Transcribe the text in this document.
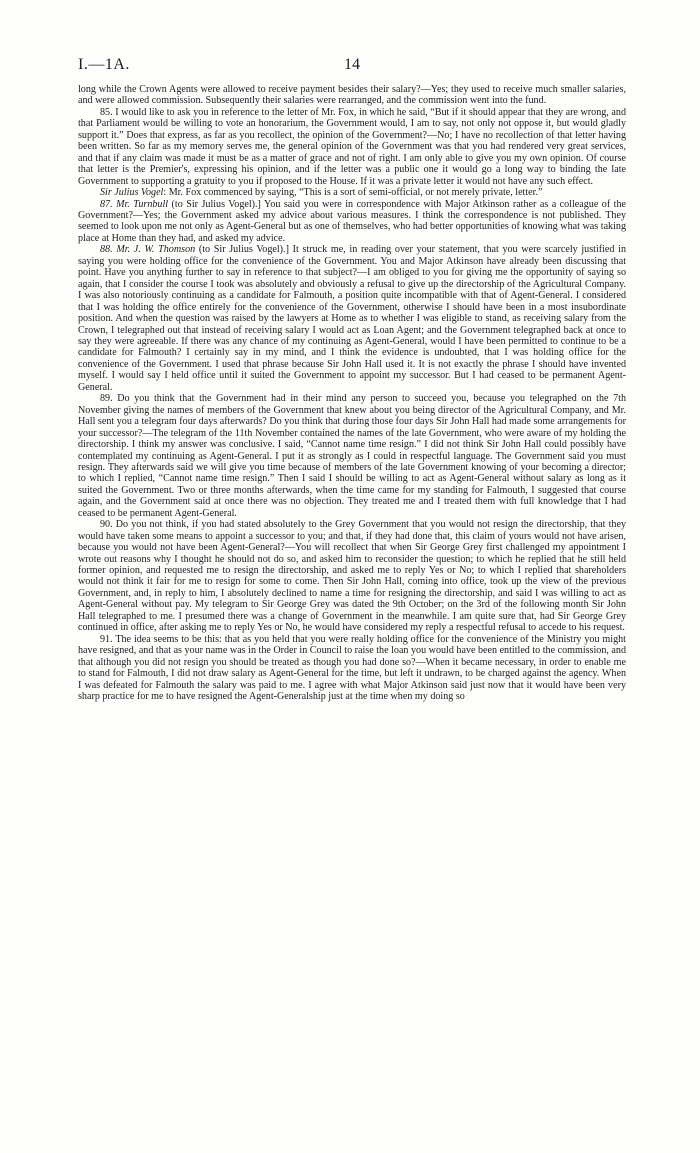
I.—1A.	14

long while the Crown Agents were allowed to receive payment besides their salary?—Yes; they used to receive much smaller salaries, and were allowed commission. Subsequently their salaries were rearranged, and the commission went into the fund.

85. I would like to ask you in reference to the letter of Mr. Fox, in which he said, “But if it should appear that they are wrong, and that Parliament would be willing to vote an honorarium, the Government would, I am to say, not only not oppose it, but would gladly support it.” Does that express, as far as you recollect, the opinion of the Government?—No; I have no recollection of that letter having been written. So far as my memory serves me, the general opinion of the Government was that you had rendered very great services, and that if any claim was made it must be as a matter of grace and not of right. I am only able to give you my own opinion. Of course that letter is the Premier's, expressing his opinion, and if the letter was a public one it would go a long way to binding the late Government to supporting a gratuity to you if proposed to the House. If it was a private letter it would not have any such effect.

Sir Julius Vogel: Mr. Fox commenced by saying, “This is a sort of semi-official, or not merely private, letter.”

87. Mr. Turnbull (to Sir Julius Vogel).] You said you were in correspondence with Major Atkinson rather as a colleague of the Government?—Yes; the Government asked my advice about various measures. I think the correspondence is not published. They seemed to look upon me not only as Agent-General but as one of themselves, who had better opportunities of knowing what was taking place at Home than they had, and asked my advice.

88. Mr. J. W. Thomson (to Sir Julius Vogel).] It struck me, in reading over your statement, that you were scarcely justified in saying you were holding office for the convenience of the Government. You and Major Atkinson have already been discussing that point. Have you anything further to say in reference to that subject?—I am obliged to you for giving me the opportunity of saying so again, that I consider the course I took was absolutely and obviously a refusal to give up the directorship of the Agricultural Company. I was also notoriously continuing as a candidate for Falmouth, a position quite incompatible with that of Agent-General. I considered that I was holding the office entirely for the convenience of the Government, otherwise I should have been in a most insubordinate position. And when the question was raised by the lawyers at Home as to whether I was eligible to stand, as receiving salary from the Crown, I telegraphed out that instead of receiving salary I would act as Loan Agent; and the Government telegraphed back at once to say they were agreeable. If there was any chance of my continuing as Agent-General, would I have been permitted to continue to be a candidate for Falmouth? I certainly say in my mind, and I think the evidence is undoubted, that I was holding office for the convenience of the Government. I used that phrase because Sir John Hall used it. It is not exactly the phrase I should have invented myself. I would say I held office until it suited the Government to appoint my successor. But I had ceased to be permanent Agent-General.

89. Do you think that the Government had in their mind any person to succeed you, because you telegraphed on the 7th November giving the names of members of the Government that knew about you being director of the Agricultural Company, and Mr. Hall sent you a telegram four days afterwards? Do you think that during those four days Sir John Hall had made some arrangements for your successor?—The telegram of the 11th November contained the names of the late Government, who were aware of my holding the directorship. I think my answer was conclusive. I said, “Cannot name time resign.” I did not think Sir John Hall could possibly have contemplated my continuing as Agent-General. I put it as strongly as I could in respectful language. The Government said you must resign. They afterwards said we will give you time because of members of the late Government knowing of your becoming a director; to which I replied, “Cannot name time resign.” Then I said I should be willing to act as Agent-General without salary as long as it suited the Government. Two or three months afterwards, when the time came for my standing for Falmouth, I suggested that course again, and the Government said at once there was no objection. They treated me and I treated them with full knowledge that I had ceased to be permanent Agent-General.

90. Do you not think, if you had stated absolutely to the Grey Government that you would not resign the directorship, that they would have taken some means to appoint a successor to you; and that, if they had done that, this claim of yours would not have arisen, because you would not have been Agent-General?—You will recollect that when Sir George Grey first challenged my appointment I wrote out reasons why I thought he should not do so, and asked him to reconsider the question; to which he replied that he still held former opinion, and requested me to resign the directorship, and asked me to reply Yes or No; to which I replied that shareholders would not think it fair for me to resign for some to come. Then Sir John Hall, coming into office, took up the view of the previous Government, and, in reply to him, I absolutely declined to name a time for resigning the directorship, and said I was willing to act as Agent-General without pay. My telegram to Sir George Grey was dated the 9th October; on the 3rd of the following month Sir John Hall telegraphed to me. I presumed there was a change of Government in the meanwhile. I am quite sure that, had Sir George Grey continued in office, after asking me to reply Yes or No, he would have considered my reply a respectful refusal to accede to his request.

91. The idea seems to be this: that as you held that you were really holding office for the convenience of the Ministry you might have resigned, and that as your name was in the Order in Council to raise the loan you would have been entitled to the commission, and that although you did not resign you should be treated as though you had done so?—When it became necessary, in order to enable me to stand for Falmouth, I did not draw salary as Agent-General for the time, but left it undrawn, to be charged against the agency. When I was defeated for Falmouth the salary was paid to me. I agree with what Major Atkinson said just now that it would have been very sharp practice for me to have resigned the Agent-Generalship just at the time when my doing so
